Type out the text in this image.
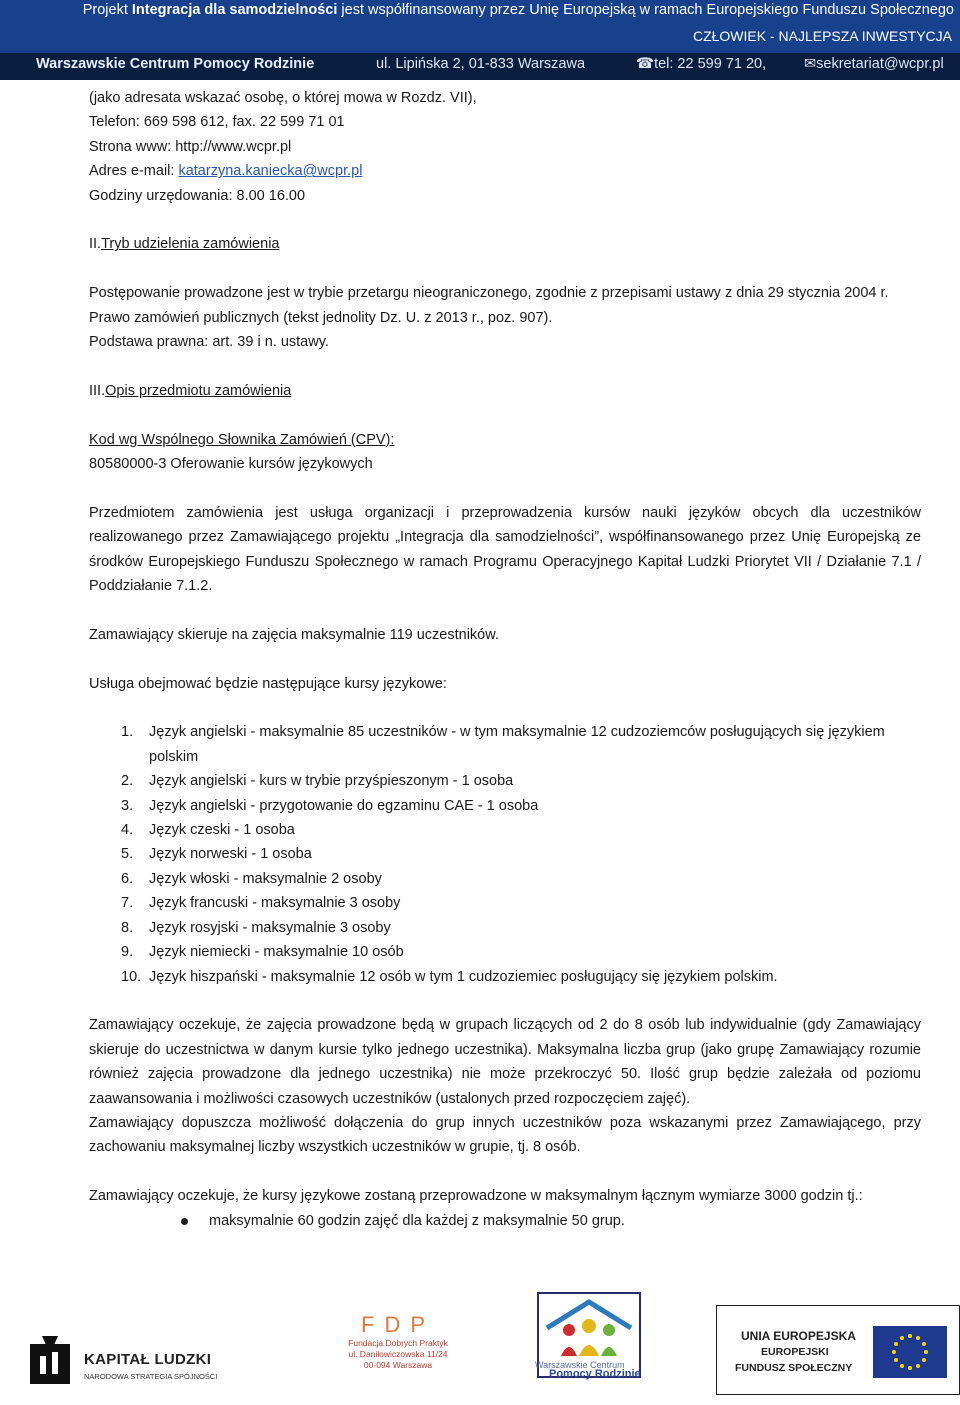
Projekt Integracja dla samodzielności jest współfinansowany przez Unię Europejską w ramach Europejskiego Funduszu Społecznego
CZŁOWIEK - NAJLEPSZA INWESTYCJA
Warszawskie Centrum Pomocy Rodzinie	ul. Lipińska 2, 01-833 Warszawa	☎tel: 22 599 71 20,	✉sekretariat@wcpr.pl

(jako adresata wskazać osobę, o której mowa w Rozdz. VII),

Telefon: 669 598 612, fax. 22 599 71 01

Strona www: http://www.wcpr.pl

Adres e-mail: katarzyna.kaniecka@wcpr.pl

Godziny urzędowania: 8.00 16.00

II.Tryb udzielenia zamówienia

Postępowanie prowadzone jest w trybie przetargu nieograniczonego, zgodnie z przepisami ustawy z dnia 29 stycznia 2004 r. Prawo zamówień publicznych (tekst jednolity Dz. U. z 2013 r., poz. 907).

Podstawa prawna: art. 39 i n. ustawy.

III.Opis przedmiotu zamówienia

Kod wg Wspólnego Słownika Zamówień (CPV):

80580000-3 Oferowanie kursów językowych

Przedmiotem zamówienia jest usługa organizacji i przeprowadzenia kursów nauki języków obcych dla uczestników realizowanego przez Zamawiającego projektu „Integracja dla samodzielności”, współfinansowanego przez Unię Europejską ze środków Europejskiego Funduszu Społecznego w ramach Programu Operacyjnego Kapitał Ludzki Priorytet VII / Działanie 7.1 / Poddziałanie 7.1.2.

Zamawiający skieruje na zajęcia maksymalnie 119 uczestników.

Usługa obejmować będzie następujące kursy językowe:

1.	Język angielski - maksymalnie 85 uczestników - w tym maksymalnie 12 cudzoziemców posługujących się językiem polskim
2.	Język angielski - kurs w trybie przyśpieszonym - 1 osoba
3.	Język angielski - przygotowanie do egzaminu CAE - 1 osoba
4.	Język czeski - 1 osoba
5.	Język norweski - 1 osoba
6.	Język włoski - maksymalnie 2 osoby
7.	Język francuski - maksymalnie 3 osoby
8.	Język rosyjski - maksymalnie 3 osoby
9.	Język niemiecki - maksymalnie 10 osób
10. Język hiszpański - maksymalnie 12 osób w tym 1 cudzoziemiec posługujący się językiem polskim.

Zamawiający oczekuje, że zajęcia prowadzone będą w grupach liczących od 2 do 8 osób lub indywidualnie (gdy Zamawiający skieruje do uczestnictwa w danym kursie tylko jednego uczestnika). Maksymalna liczba grup (jako grupę Zamawiający rozumie również zajęcia prowadzone dla jednego uczestnika) nie może przekroczyć 50. Ilość grup będzie zależała od poziomu zaawansowania i możliwości czasowych uczestników (ustalonych przed rozpoczęciem zajęć).

Zamawiający dopuszcza możliwość dołączenia do grup innych uczestników poza wskazanymi przez Zamawiającego, przy zachowaniu maksymalnej liczby wszystkich uczestników w grupie, tj. 8 osób.

Zamawiający oczekuje, że kursy językowe zostaną przeprowadzone w maksymalnym łącznym wymiarze 3000 godzin tj.:

maksymalnie 60 godzin zajęć dla każdej z maksymalnie 50 grup.
KAPITAŁ LUDZKI
NARODOWA STRATEGIA SPÓJNOŚCI
FDP
Fundacja Dobrych Praktyk
ul. Daniłowiczowska 11/24
00-094 Warszawa	Warszawskie Centrum
Pomocy Rodzinie
UNIA EUROPEJSKA
EUROPEJSKI
FUNDUSZ SPOŁECZNY
